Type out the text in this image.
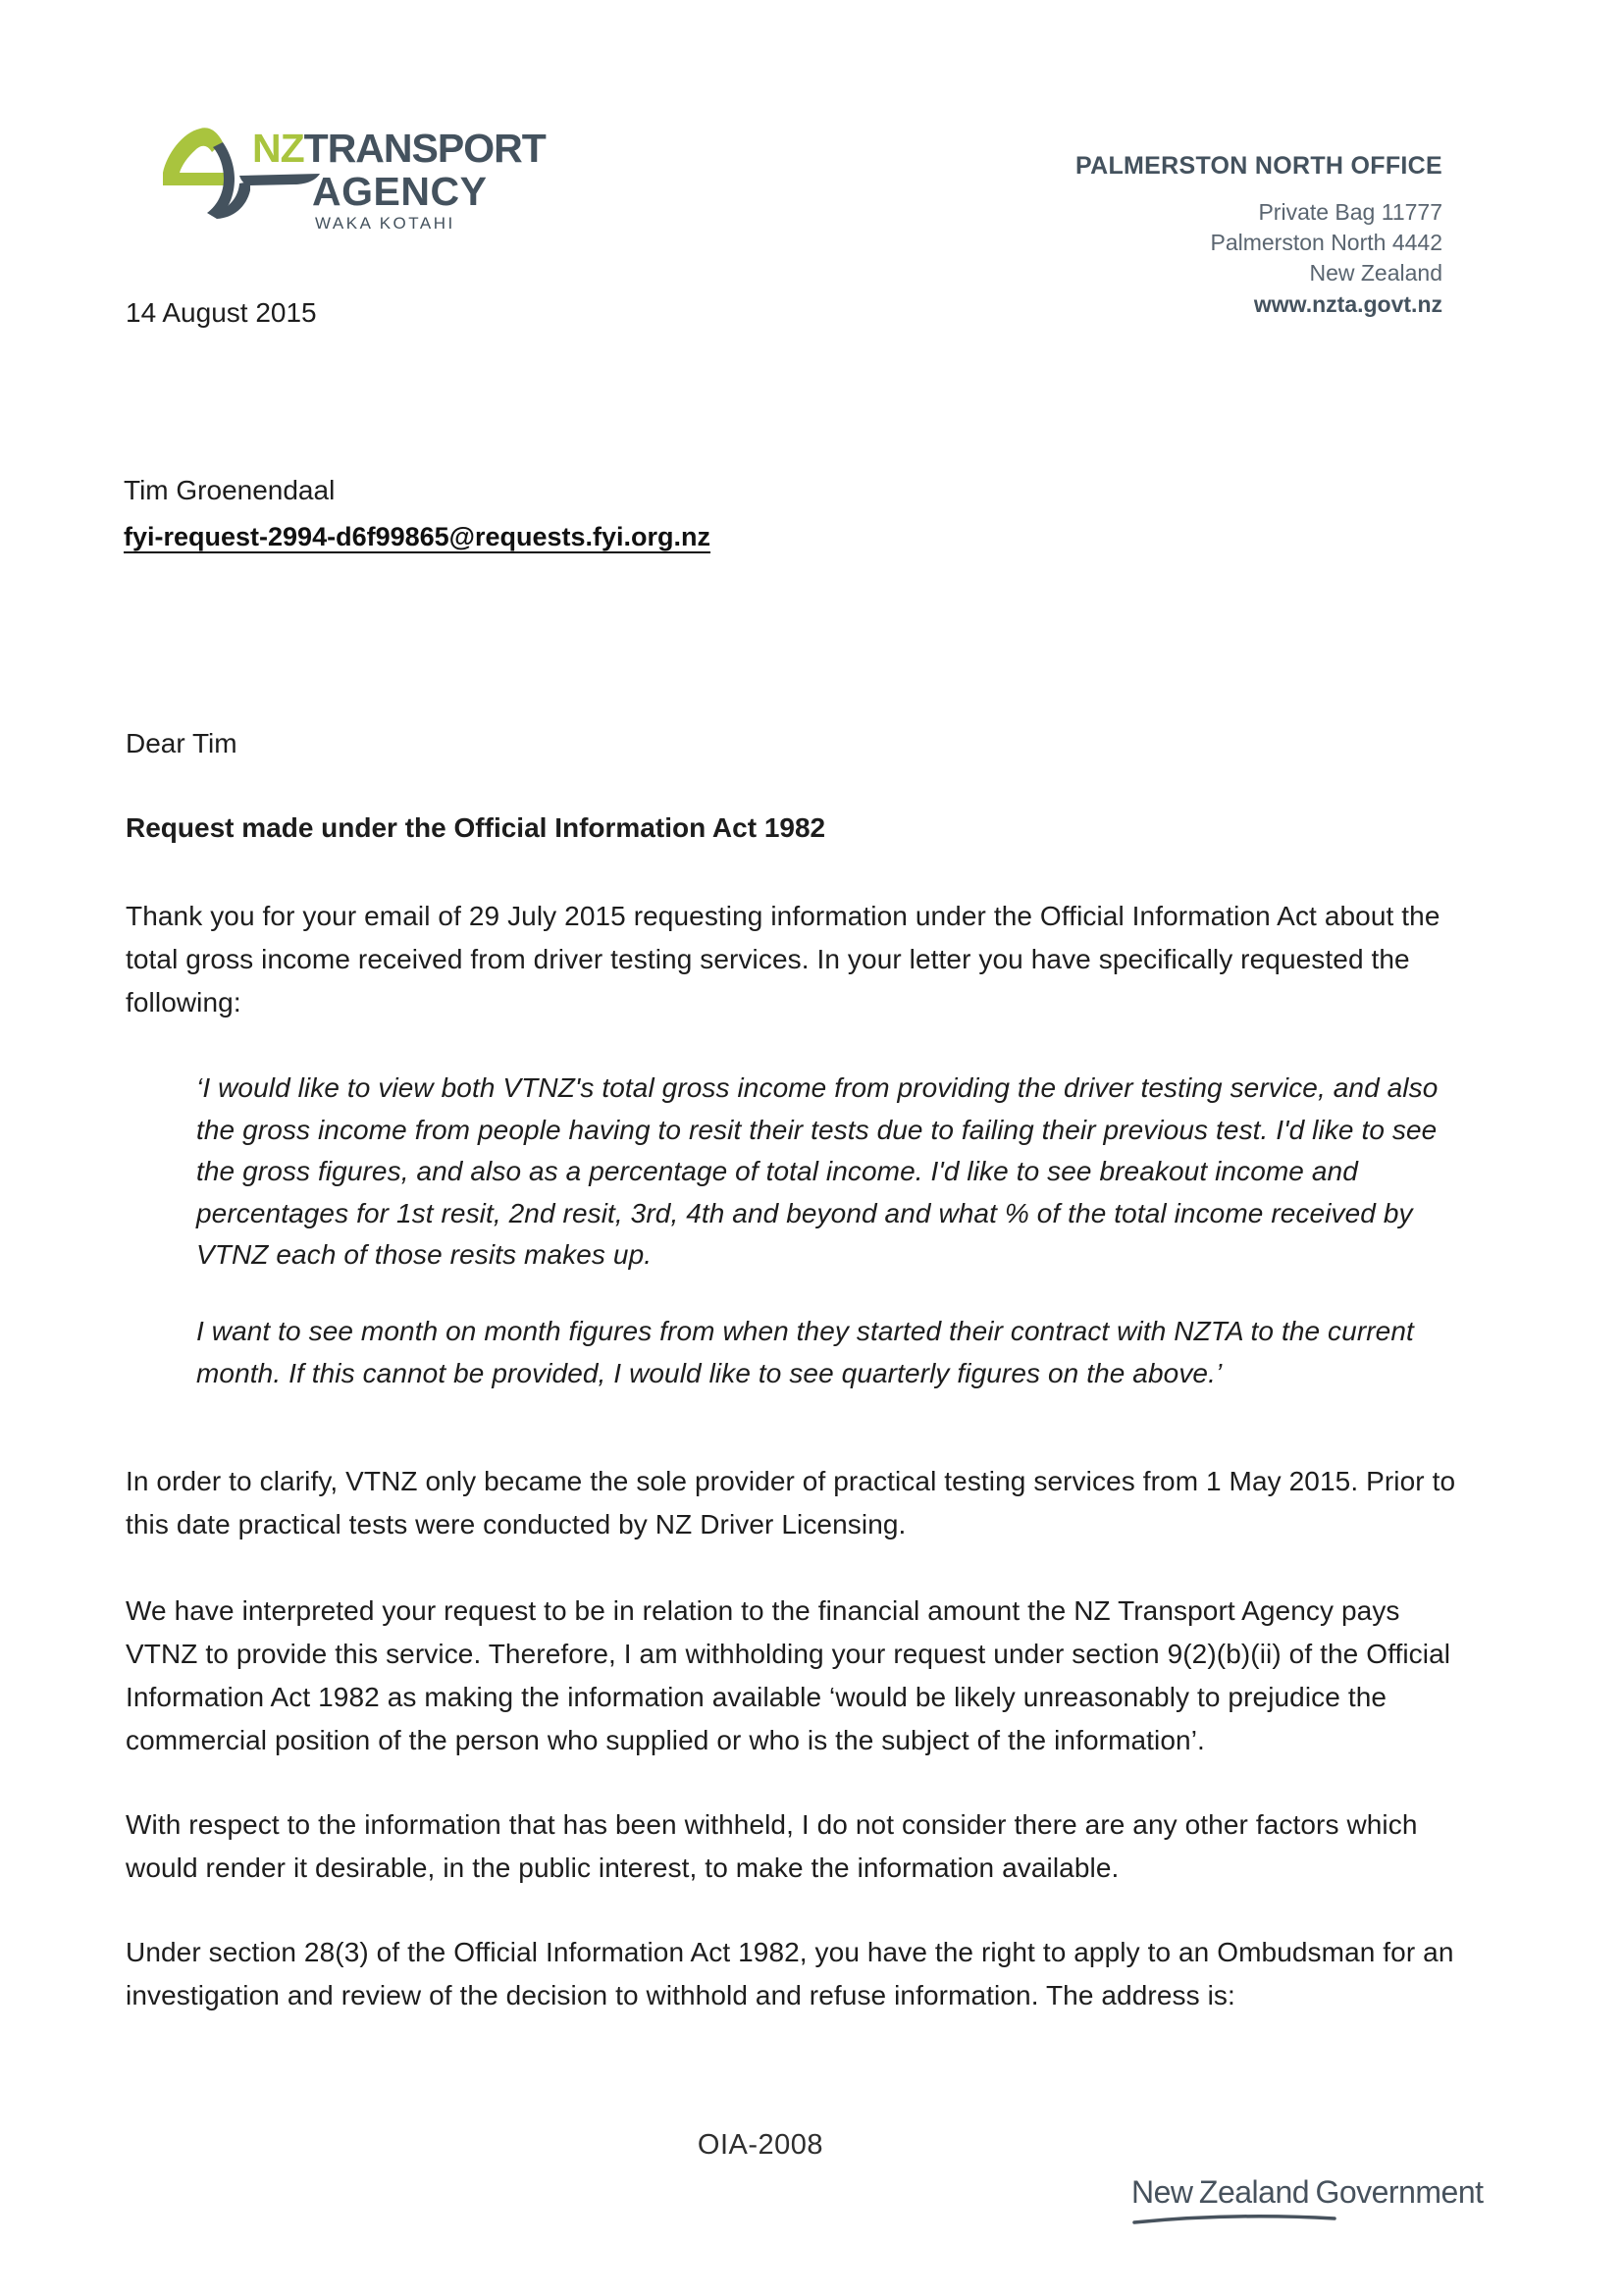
NZTRANSPORT
AGENCY
WAKA KOTAHI
PALMERSTON NORTH OFFICE
Private Bag 11777
Palmerston North 4442
New Zealand
www.nzta.govt.nz
14 August 2015
Tim Groenendaal
fyi-request-2994-d6f99865@requests.fyi.org.nz
Dear Tim
Request made under the Official Information Act 1982
Thank you for your email of 29 July 2015 requesting information under the Official Information Act about the total gross income received from driver testing services. In your letter you have specifically requested the following:
‘I would like to view both VTNZ's total gross income from providing the driver testing service, and also the gross income from people having to resit their tests due to failing their previous test. I'd like to see the gross figures, and also as a percentage of total income. I'd like to see breakout income and percentages for 1st resit, 2nd resit, 3rd, 4th and beyond and what % of the total income received by VTNZ each of those resits makes up.
I want to see month on month figures from when they started their contract with NZTA to the current month. If this cannot be provided, I would like to see quarterly figures on the above.’
In order to clarify, VTNZ only became the sole provider of practical testing services from 1 May 2015. Prior to this date practical tests were conducted by NZ Driver Licensing.
We have interpreted your request to be in relation to the financial amount the NZ Transport Agency pays VTNZ to provide this service. Therefore, I am withholding your request under section 9(2)(b)(ii) of the Official Information Act 1982 as making the information available ‘would be likely unreasonably to prejudice the commercial position of the person who supplied or who is the subject of the information’.
With respect to the information that has been withheld, I do not consider there are any other factors which would render it desirable, in the public interest, to make the information available.
Under section 28(3) of the Official Information Act 1982, you have the right to apply to an Ombudsman for an investigation and review of the decision to withhold and refuse information. The address is:
OIA-2008
New Zealand Government
